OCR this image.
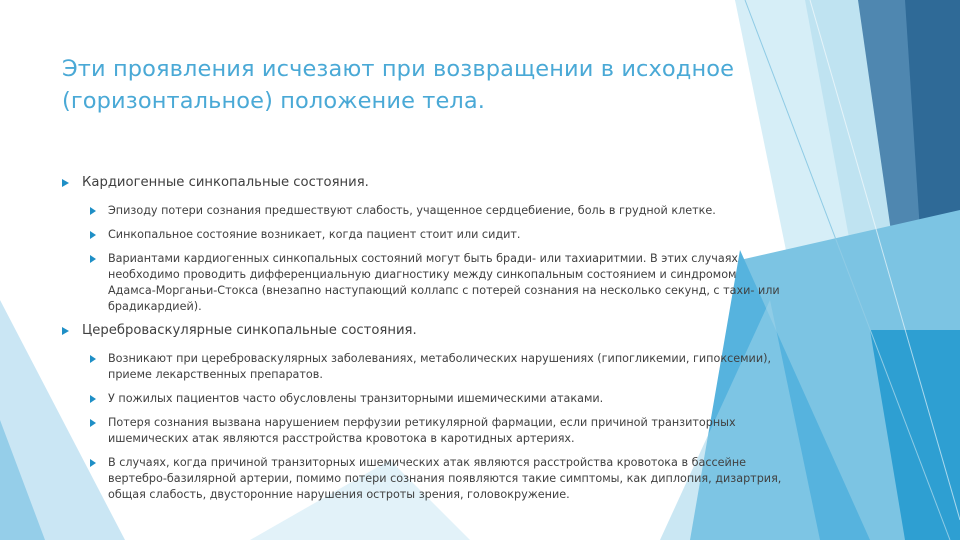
Эти проявления исчезают при возвращении в исходное (горизонтальное) положение тела.
Кардиогенные синкопальные состояния.
Эпизоду потери сознания предшествуют слабость, учащенное сердцебиение, боль в грудной клетке.
Синкопальное состояние возникает, когда пациент стоит или сидит.
Вариантами кардиогенных синкопальных состояний могут быть бради- или тахиаритмии. В этих случаях необходимо проводить дифференциальную диагностику между синкопальным состоянием и синдромом Адамса-Морганьи-Стокса (внезапно наступающий коллапс с потерей сознания на несколько секунд, с тахи- или брадикардией).
Цереброваскулярные синкопальные состояния.
Возникают при цереброваскулярных заболеваниях, метаболических нарушениях (гипогликемии, гипоксемии), приеме лекарственных препаратов.
У пожилых пациентов часто обусловлены транзиторными ишемическими атаками.
Потеря сознания вызвана нарушением перфузии ретикулярной фармации, если причиной транзиторных ишемических атак являются расстройства кровотока в каротидных артериях.
В случаях, когда причиной транзиторных ишемических атак являются расстройства кровотока в бассейне вертебро-базилярной артерии, помимо потери сознания появляются такие симптомы, как диплопия, дизартрия, общая слабость, двусторонние нарушения остроты зрения, головокружение.
